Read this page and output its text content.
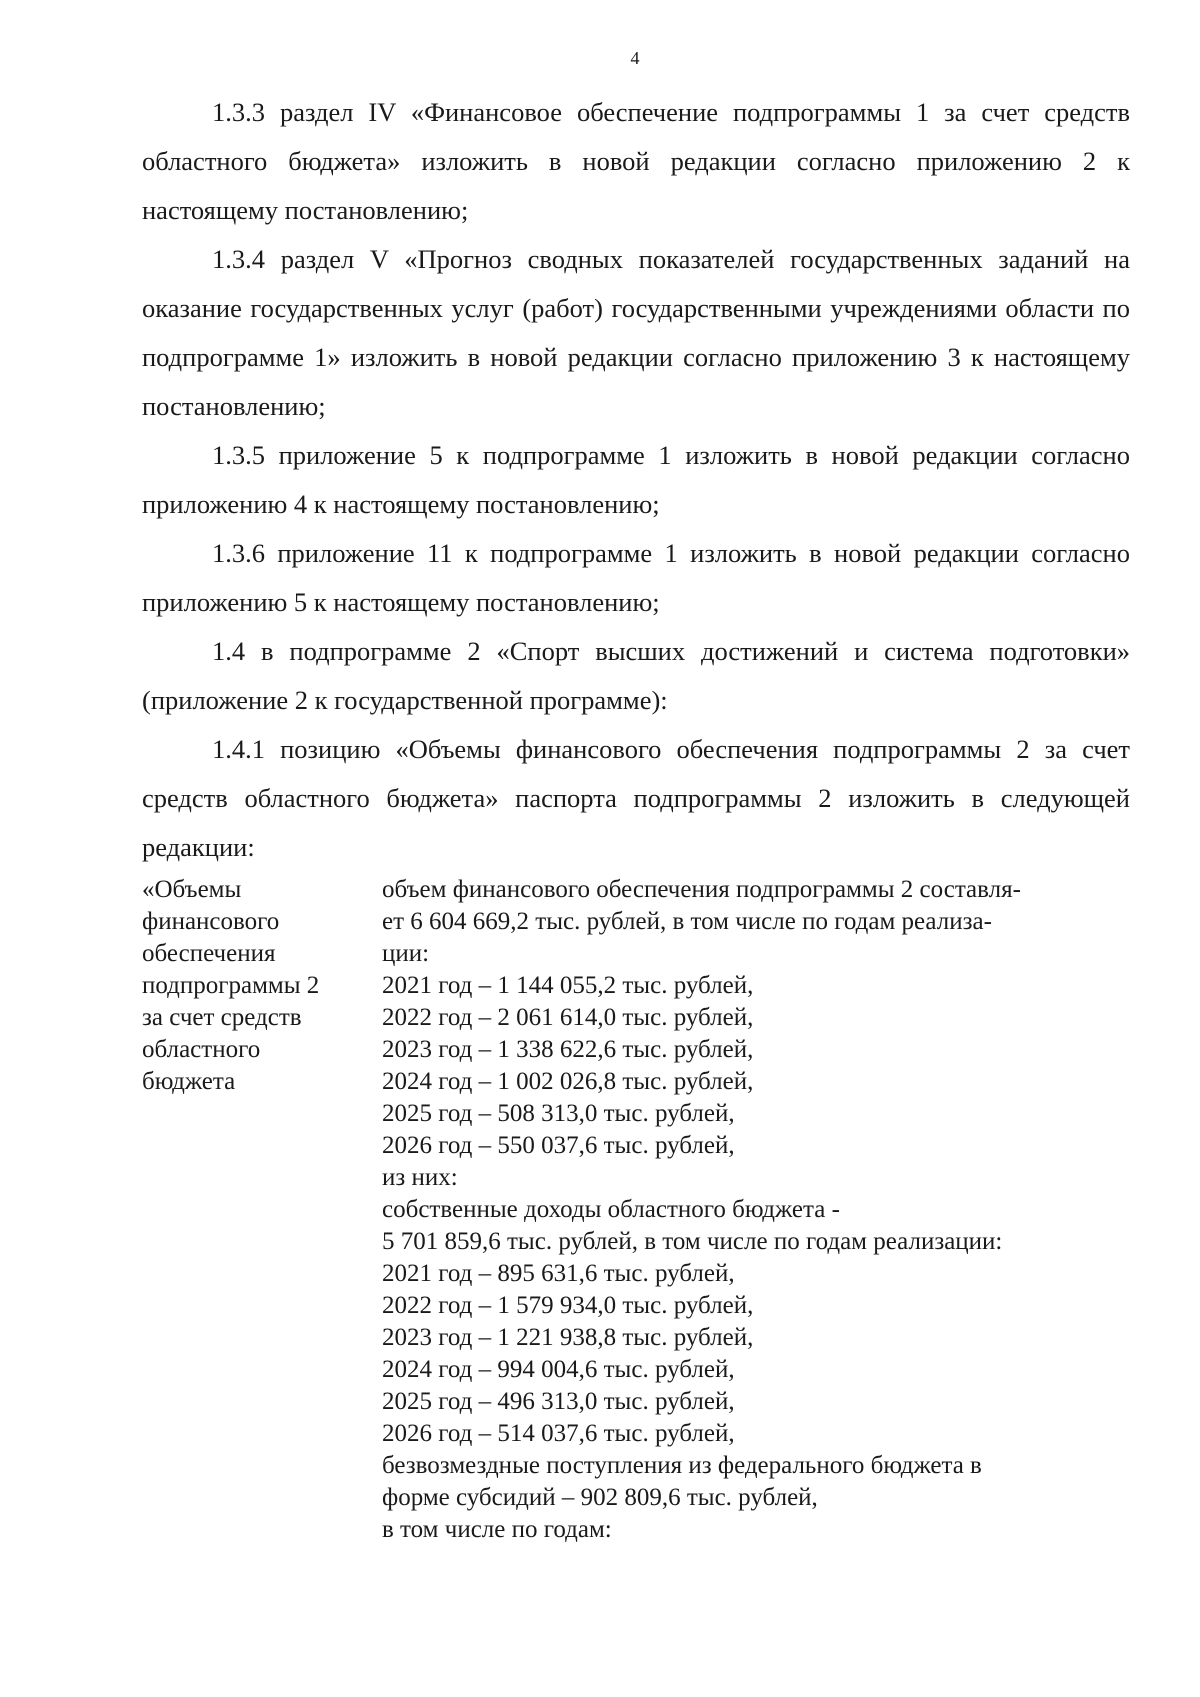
4

1.3.3 раздел IV «Финансовое обеспечение подпрограммы 1 за счет средств областного бюджета» изложить в новой редакции согласно приложению 2 к настоящему постановлению;

1.3.4 раздел V «Прогноз сводных показателей государственных заданий на оказание государственных услуг (работ) государственными учреждениями области по подпрограмме 1» изложить в новой редакции согласно приложению 3 к настоящему постановлению;

1.3.5 приложение 5 к подпрограмме 1 изложить в новой редакции согласно приложению 4 к настоящему постановлению;

1.3.6 приложение 11 к подпрограмме 1 изложить в новой редакции согласно приложению 5 к настоящему постановлению;

1.4 в подпрограмме 2 «Спорт высших достижений и система подготовки» (приложение 2 к государственной программе):

1.4.1 позицию «Объемы финансового обеспечения подпрограммы 2 за счет средств областного бюджета» паспорта подпрограммы 2 изложить в следующей редакции:

«Объемы
финансового
обеспечения
подпрограммы 2
за счет средств
областного
бюджета
объем финансового обеспечения подпрограммы 2 составля-
ет 6 604 669,2 тыс. рублей, в том числе по годам реализа-
ции:
2021 год – 1 144 055,2 тыс. рублей,
2022 год – 2 061 614,0 тыс. рублей,
2023 год – 1 338 622,6 тыс. рублей,
2024 год – 1 002 026,8 тыс. рублей,
2025 год – 508 313,0 тыс. рублей,
2026 год – 550 037,6 тыс. рублей,
из них:
собственные доходы областного бюджета -
5 701 859,6 тыс. рублей, в том числе по годам реализации:
2021 год – 895 631,6 тыс. рублей,
2022 год – 1 579 934,0 тыс. рублей,
2023 год – 1 221 938,8 тыс. рублей,
2024 год – 994 004,6 тыс. рублей,
2025 год – 496 313,0 тыс. рублей,
2026 год – 514 037,6 тыс. рублей,
безвозмездные поступления из федерального бюджета в
форме субсидий – 902 809,6 тыс. рублей,
в том числе по годам:
